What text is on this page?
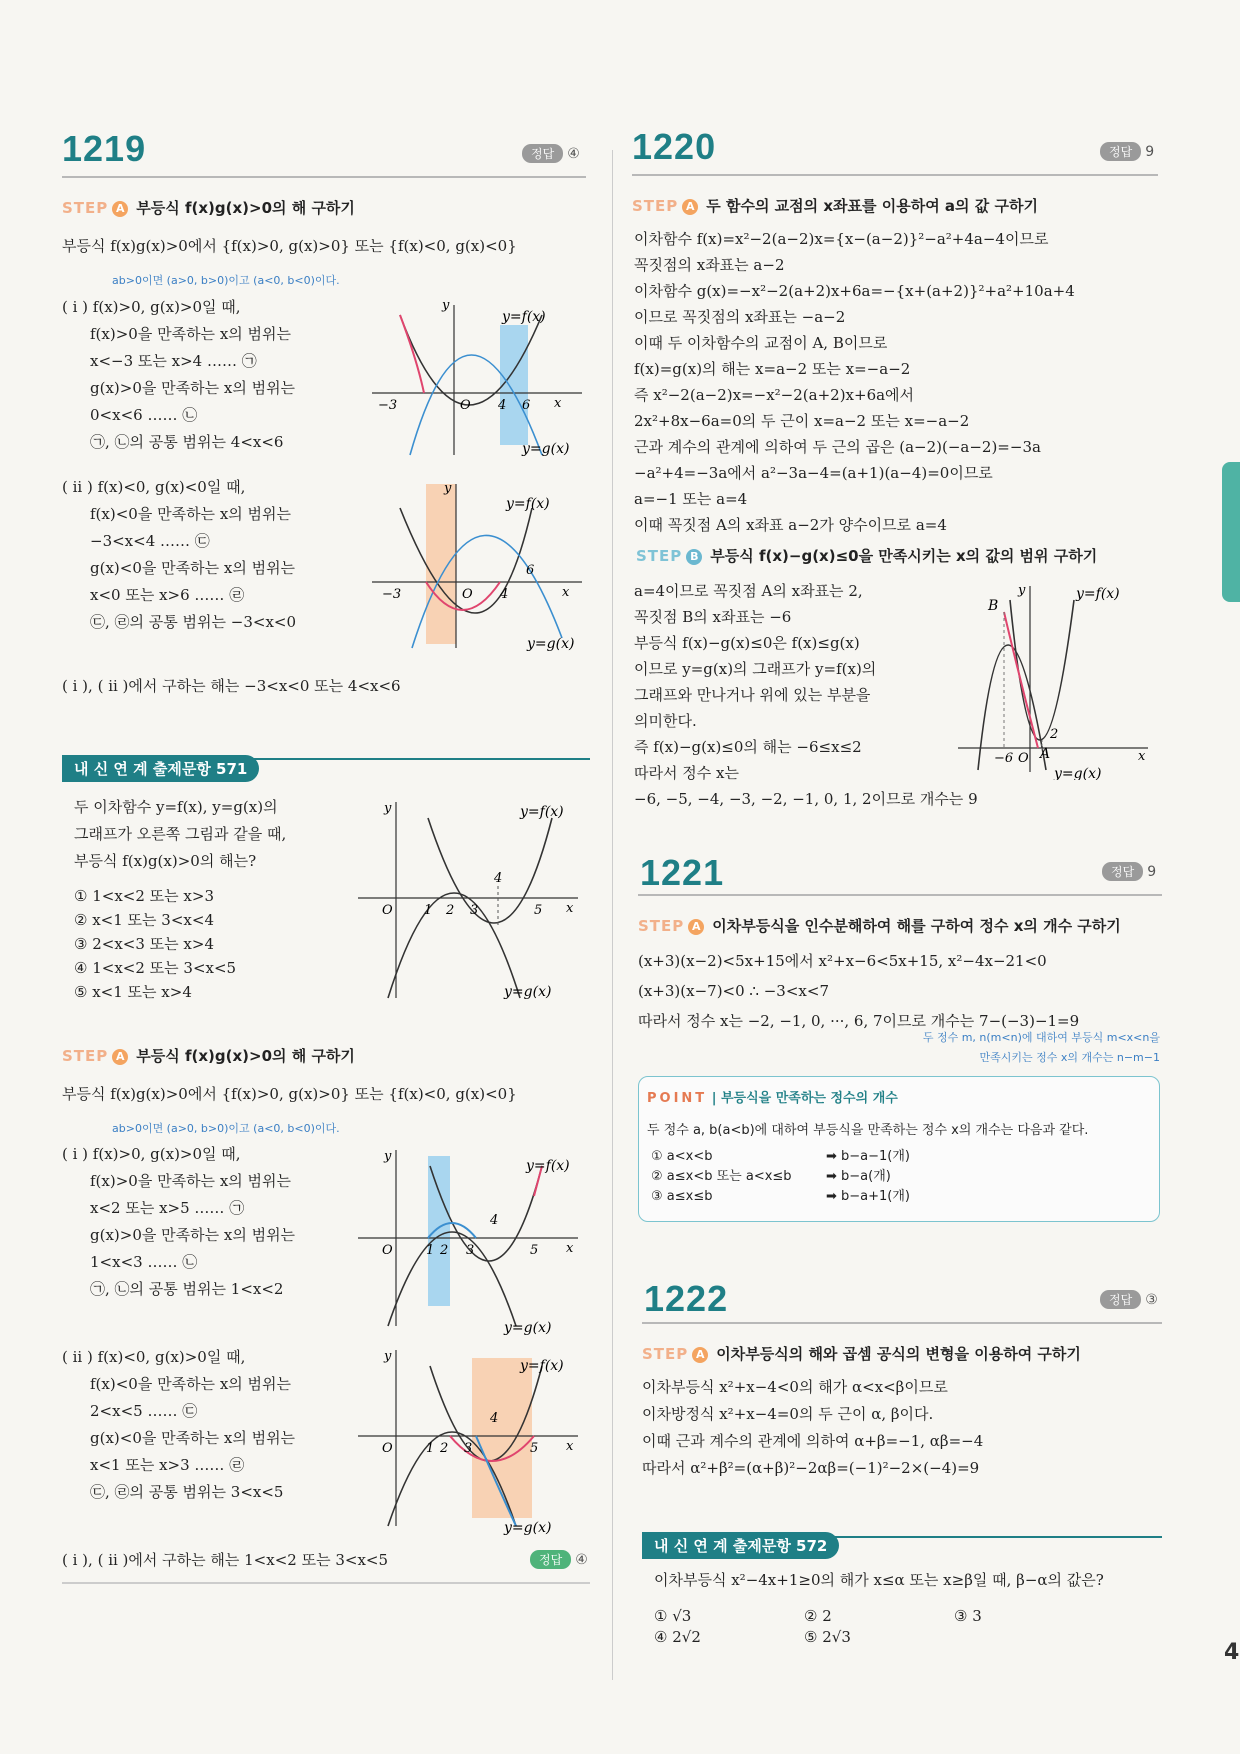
4
1219	정답 ④
STEP A 부등식 f(x)g(x)>0의 해 구하기
부등식 f(x)g(x)>0에서 {f(x)>0, g(x)>0} 또는 {f(x)<0, g(x)<0}
ab>0이면 (a>0, b>0)이고 (a<0, b<0)이다.
( i ) f(x)>0, g(x)>0일 때,
f(x)>0을 만족하는 x의 범위는
x<−3 또는 x>4 …… ㉠
g(x)>0을 만족하는 x의 범위는
0<x<6 …… ㉡
㉠, ㉡의 공통 범위는 4<x<6
−3	O 4 6 x
y
y=f(x)
y=g(x)
( ii ) f(x)<0, g(x)<0일 때,
f(x)<0을 만족하는 x의 범위는
−3<x<4 …… ㉢
g(x)<0을 만족하는 x의 범위는
x<0 또는 x>6 …… ㉣
㉢, ㉣의 공통 범위는 −3<x<0
−3	O 4
6
x
y
y=f(x)
y=g(x)
( i ), ( ii )에서 구하는 해는 −3<x<0 또는 4<x<6
내 신 연 계 출제문항 571
두 이차함수 y=f(x), y=g(x)의
그래프가 오른쪽 그림과 같을 때,
부등식 f(x)g(x)>0의 해는?
① 1<x<2 또는 x>3
② x<1 또는 3<x<4
③ 2<x<3 또는 x>4
④ 1<x<2 또는 3<x<5
⑤ x<1 또는 x>4
O 1 2 3
4
5 x
y	y=f(x)
y=g(x)
STEP A 부등식 f(x)g(x)>0의 해 구하기
부등식 f(x)g(x)>0에서 {f(x)>0, g(x)>0} 또는 {f(x)<0, g(x)<0}
ab>0이면 (a>0, b>0)이고 (a<0, b<0)이다.
( i ) f(x)>0, g(x)>0일 때,
f(x)>0을 만족하는 x의 범위는
x<2 또는 x>5 …… ㉠
g(x)>0을 만족하는 x의 범위는
1<x<3 …… ㉡
㉠, ㉡의 공통 범위는 1<x<2
O	1 2 3
4
5 x
y
y=f(x)
y=g(x)
( ii ) f(x)<0, g(x)>0일 때,
f(x)<0을 만족하는 x의 범위는
2<x<5 …… ㉢
g(x)<0을 만족하는 x의 범위는
x<1 또는 x>3 …… ㉣
㉢, ㉣의 공통 범위는 3<x<5
O	1 2 3
4
5 x
y
y=f(x)
y=g(x)
( i ), ( ii )에서 구하는 해는 1<x<2 또는 3<x<5	정답 ④
1220	정답 9
STEP A 두 함수의 교점의 x좌표를 이용하여 a의 값 구하기
이차함수 f(x)=x²−2(a−2)x={x−(a−2)}²−a²+4a−4이므로
꼭짓점의 x좌표는 a−2
이차함수 g(x)=−x²−2(a+2)x+6a=−{x+(a+2)}²+a²+10a+4
이므로 꼭짓점의 x좌표는 −a−2
이때 두 이차함수의 교점이 A, B이므로
f(x)=g(x)의 해는 x=a−2 또는 x=−a−2
즉 x²−2(a−2)x=−x²−2(a+2)x+6a에서
2x²+8x−6a=0의 두 근이 x=a−2 또는 x=−a−2
근과 계수의 관계에 의하여 두 근의 곱은 (a−2)(−a−2)=−3a
−a²+4=−3a에서 a²−3a−4=(a+1)(a−4)=0이므로
a=−1 또는 a=4
이때 꼭짓점 A의 x좌표 a−2가 양수이므로 a=4
STEP B 부등식 f(x)−g(x)≤0을 만족시키는 x의 값의 범위 구하기
a=4이므로 꼭짓점 A의 x좌표는 2,
꼭짓점 B의 x좌표는 −6
부등식 f(x)−g(x)≤0은 f(x)≤g(x)
이므로 y=g(x)의 그래프가 y=f(x)의
그래프와 만나거나 위에 있는 부분을
의미한다.
즉 f(x)−g(x)≤0의 해는 −6≤x≤2
따라서 정수 x는
−6, −5, −4, −3, −2, −1, 0, 1, 2이므로 개수는 9
B
A
−6 O
2
x
y	y=f(x)
y=g(x)
1221	정답 9
STEP A 이차부등식을 인수분해하여 해를 구하여 정수 x의 개수 구하기
(x+3)(x−2)<5x+15에서 x²+x−6<5x+15, x²−4x−21<0
(x+3)(x−7)<0 ∴ −3<x<7
따라서 정수 x는 −2, −1, 0, ···, 6, 7이므로 개수는 7−(−3)−1=9
두 정수 m, n(m<n)에 대하여 부등식 m<x<n을
만족시키는 정수 x의 개수는 n−m−1
POINT | 부등식을 만족하는 정수의 개수
두 정수 a, b(a<b)에 대하여 부등식을 만족하는 정수 x의 개수는 다음과 같다.
① a<x<b	➡ b−a−1(개)
② a≤x<b 또는 a<x≤b	➡ b−a(개)
③ a≤x≤b	➡ b−a+1(개)
1222	정답 ③
STEP A 이차부등식의 해와 곱셈 공식의 변형을 이용하여 구하기
이차부등식 x²+x−4<0의 해가 α<x<β이므로
이차방정식 x²+x−4=0의 두 근이 α, β이다.
이때 근과 계수의 관계에 의하여 α+β=−1, αβ=−4
따라서 α²+β²=(α+β)²−2αβ=(−1)²−2×(−4)=9
내 신 연 계 출제문항 572
이차부등식 x²−4x+1≥0의 해가 x≤α 또는 x≥β일 때, β−α의 값은?
① √3	② 2	③ 3
④ 2√2	⑤ 2√3
